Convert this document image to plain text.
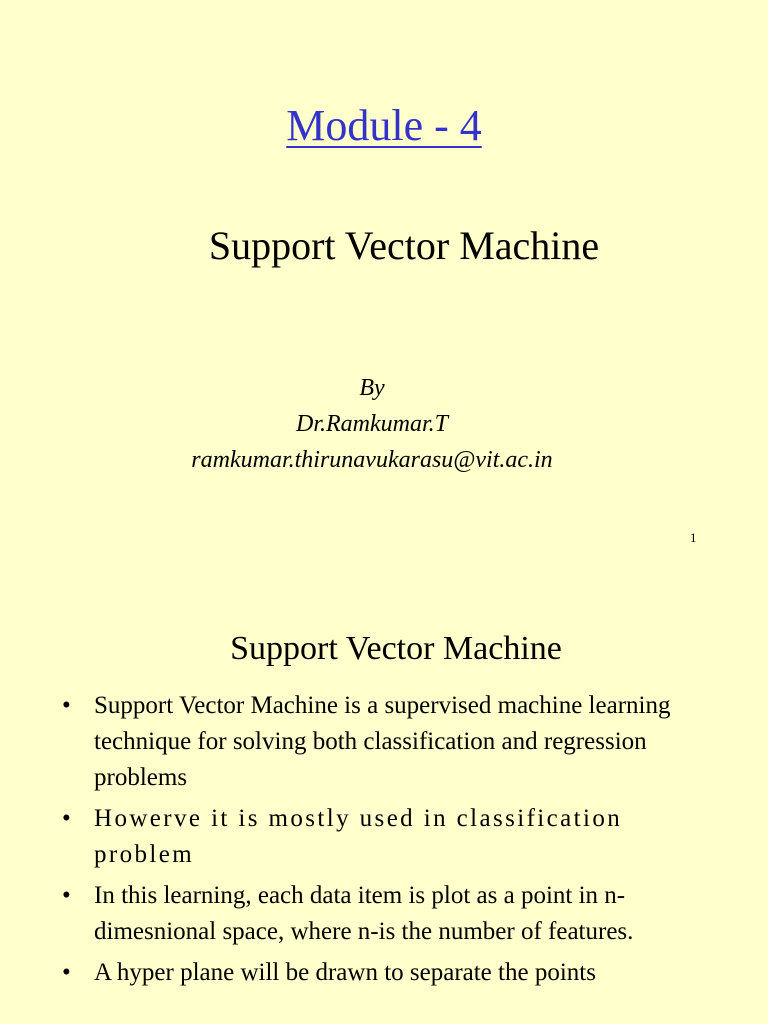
Module - 4
Support Vector Machine
By
Dr.Ramkumar.T
ramkumar.thirunavukarasu@vit.ac.in
1
Support Vector Machine
• Support Vector Machine is a supervised machine learning technique for solving both classification and regression problems
• Howerve it is mostly used in classification problem
• In this learning, each data item is plot as a point in n-dimesnional space, where n-is the number of features.
• A hyper plane will be drawn to separate the points
